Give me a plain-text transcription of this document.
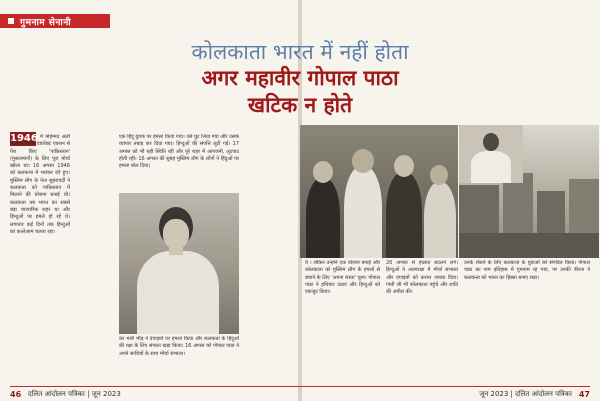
गुमनाम सेनानी
कोलकाता भारत में नहीं होता
अगर महावीर गोपाल पाठा
खटिक न होते
1946 में मोहम्मद अली जिन्ना ने अपने डायरेक्ट एक्शन से पेश किए 'पाकिस्तान' (मुसलमानों) के लिए पूरा मोर्चा खोला था। 16 अगस्त 1946 को कलकत्ता में भयंकर दंगे हुए। मुस्लिम लीग के नेता सुहरावर्दी ने कलकत्ता को पाकिस्तान में मिलाने की योजना बनाई थी। कलकत्ता तब भारत का सबसे बड़ा व्यापारिक शहर था और हिन्दुओं पर हमले हो रहे थे। लगातार कई दिनों तक हिन्दुओं का कत्लेआम चलता रहा।
एक हिंदू युवक पर हमला किया गया। उसे घुट लिया गया और उसके व्यापार तबाह कर दिया गया। हिन्दुओं की संपत्ति लूटी गई। 17 अगस्त को भी यही स्थिति रही और पूरे शहर में आगजनी, लूटपाट होती रही। 16 अगस्त की सुबह मुस्लिम लीग के लोगों ने हिंदुओं पर हमला बोल दिया।
का भारी भीड़ ने दंगाइयों पर हमला किया और कलकत्ता के हिंदुओं की रक्षा के लिए संगठन खड़ा किया। 16 अगस्त को गोपाल पाठा ने अपने साथियों के साथ मोर्चा संभाला।
ये । लेकिन उन्होंने एक योजना बनाई और कोलकाता को मुस्लिम लीग के हमलों से बचाने के लिए 'अपना रास्ता' चुना। गोपाल पाठा ने हथियार उठाए और हिन्दुओं को एकजुट किया।
20 अगस्त से हालात बदलने लगे। हिन्दुओं ने आत्मरक्षा में मोर्चा संभाला और दंगाइयों को करारा जवाब दिया। गांधी जी भी कोलकाता पहुंचे और शांति की अपील की।
उनके रोकने के लिए कलकत्ता के युवाओं को संगठित किया। गोपाल पाठा का नाम इतिहास में गुमनाम रह गया, पर उनकी वीरता ने कलकत्ता को भारत का हिस्सा बनाए रखा।
46 दलित आंदोलन पत्रिका | जून 2023	जून 2023 | दलित आंदोलन पत्रिका 47
